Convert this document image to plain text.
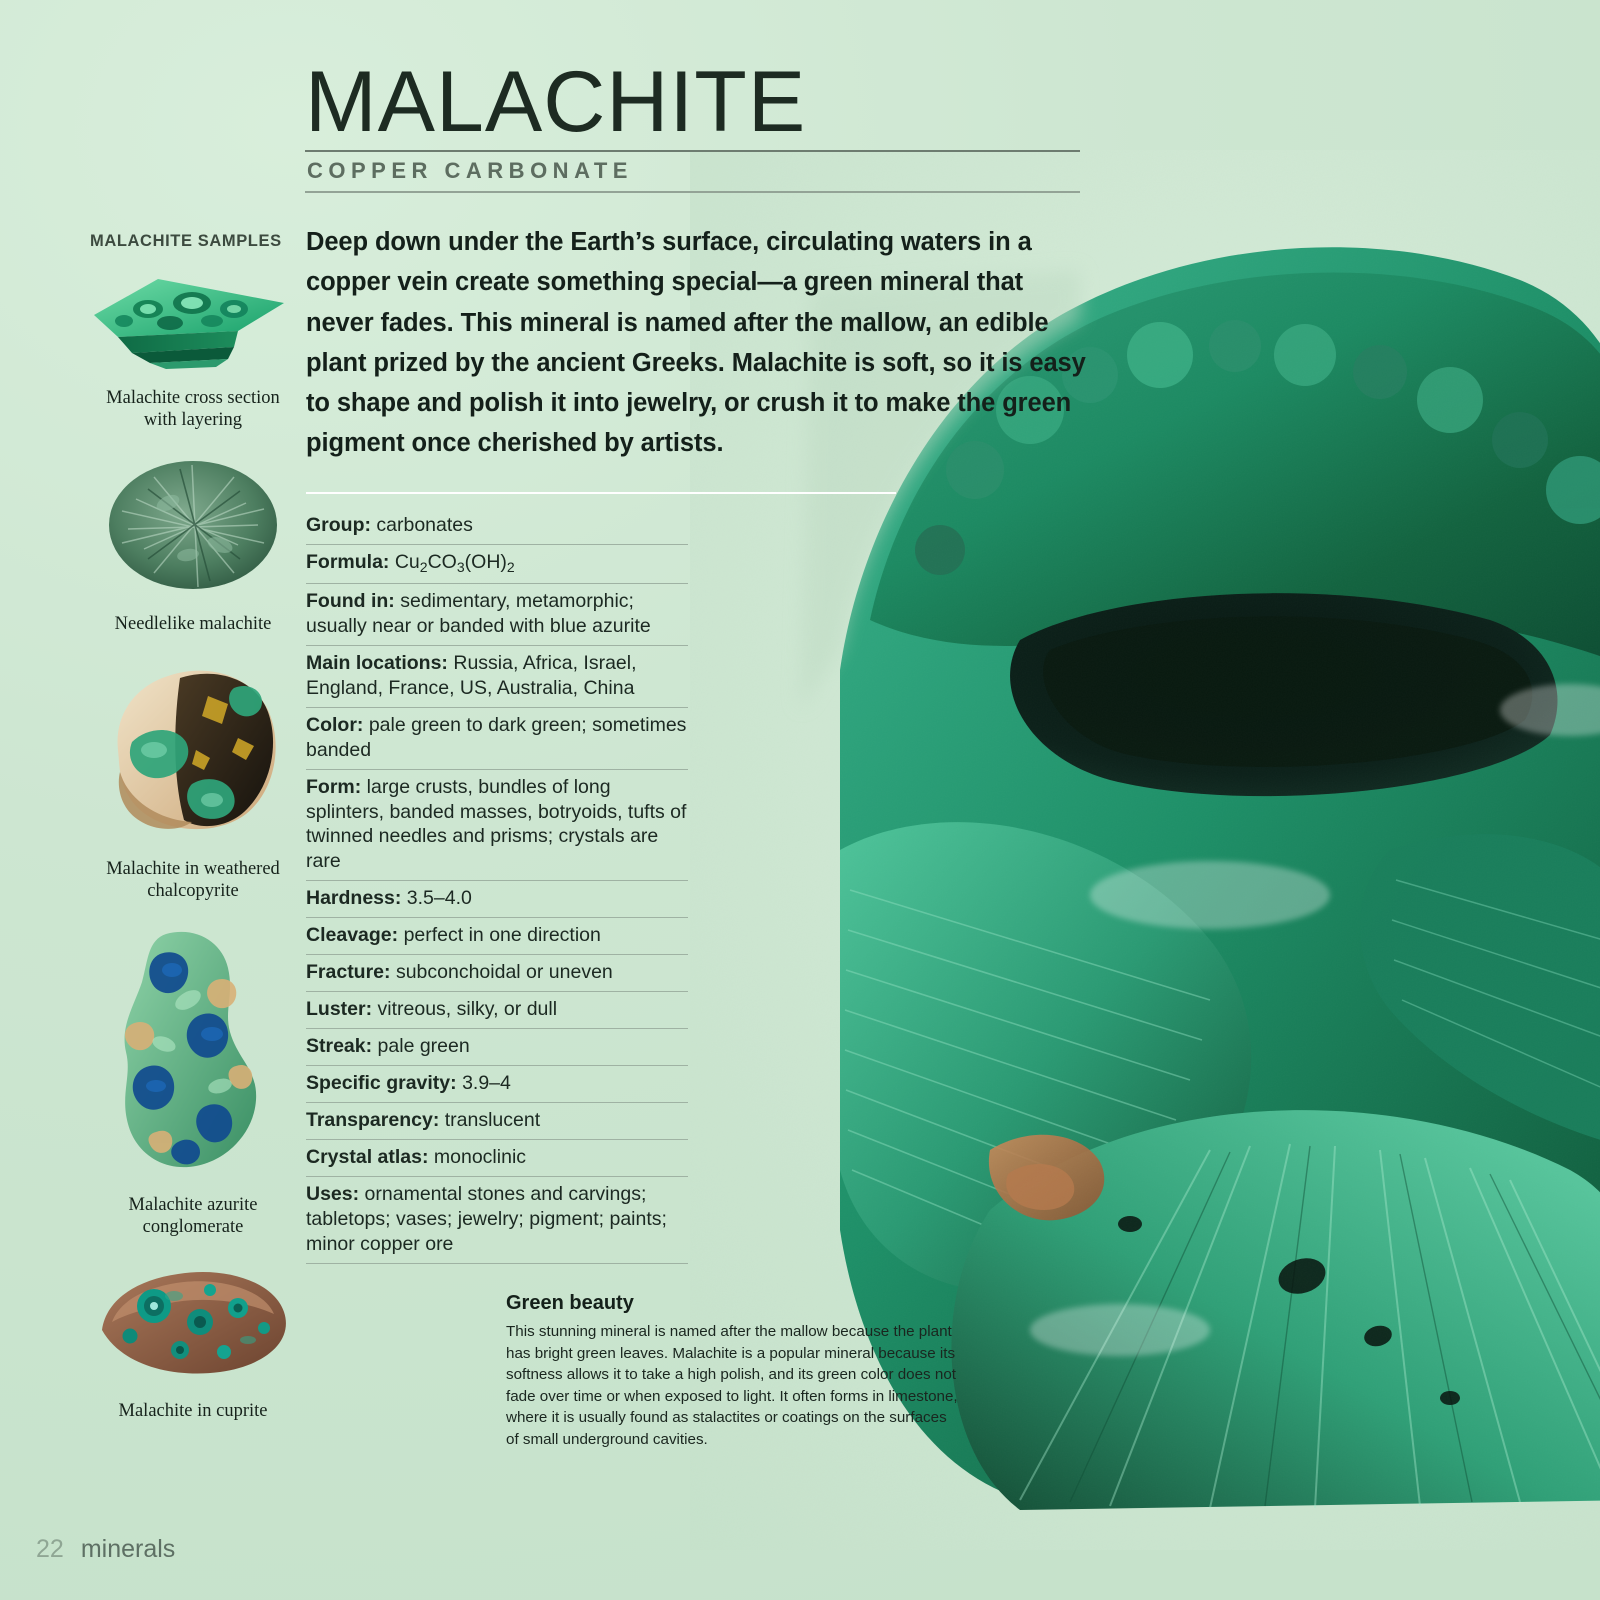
MALACHITE
COPPER CARBONATE
Deep down under the Earth’s surface, circulating waters in a copper vein create something special—a green mineral that never fades. This mineral is named after the mallow, an edible plant prized by the ancient Greeks. Malachite is soft, so it is easy to shape and polish it into jewelry, or crush it to make the green pigment once cherished by artists.
MALACHITE SAMPLES
Malachite cross section with layering
Needlelike malachite
Malachite in weathered chalcopyrite
Malachite azurite conglomerate
Malachite in cuprite
Group: carbonates
Formula: $Cu_2CO_3(OH)_2$
Found in: sedimentary, metamorphic; usually near or banded with blue azurite
Main locations: Russia, Africa, Israel, England, France, US, Australia, China
Color: pale green to dark green; sometimes banded
Form: large crusts, bundles of long splinters, banded masses, botryoids, tufts of twinned needles and prisms; crystals are rare
Hardness: 3.5–4.0
Cleavage: perfect in one direction
Fracture: subconchoidal or uneven
Luster: vitreous, silky, or dull
Streak: pale green
Specific gravity: 3.9–4
Transparency: translucent
Crystal atlas: monoclinic
Uses: ornamental stones and carvings; tabletops; vases; jewelry; pigment; paints; minor copper ore
Green beauty

This stunning mineral is named after the mallow because the plant has bright green leaves. Malachite is a popular mineral because its softness allows it to take a high polish, and its green color does not fade over time or when exposed to light. It often forms in limestone, where it is usually found as stalactites or coatings on the surfaces of small underground cavities.

22 minerals
